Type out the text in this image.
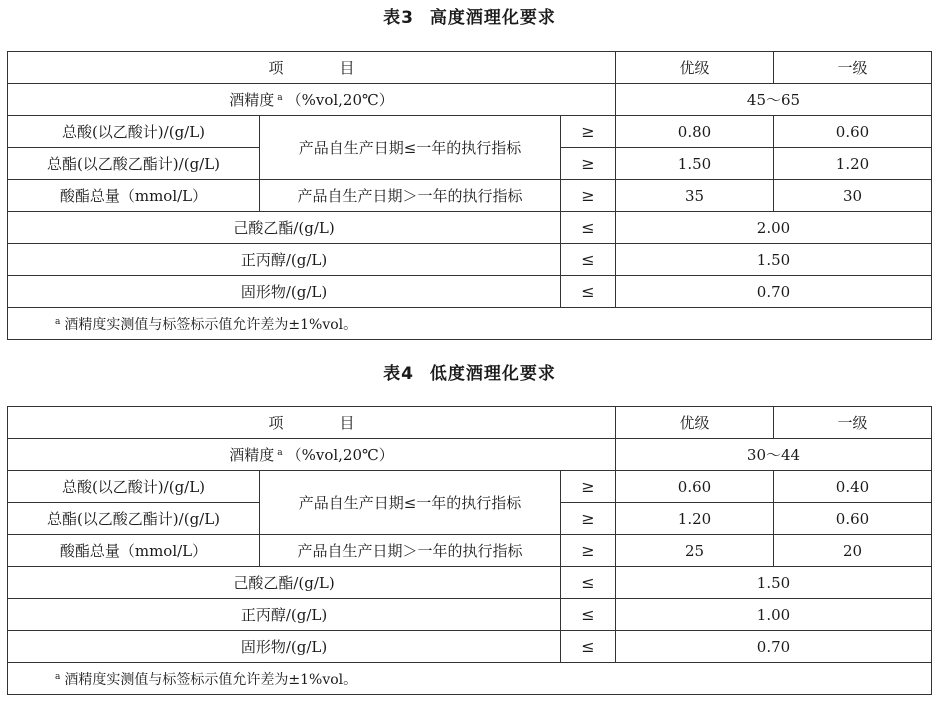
表3 高度酒理化要求
项 目			优级	一级
酒精度 $^a$ （%vol,20℃）			45～65	
总酸(以乙酸计)/(g/L)	产品自生产日期≤一年的执行指标	≥	0.80	0.60
总酯(以乙酸乙酯计)/(g/L)		≥	1.50	1.20
酸酯总量（mmol/L）	产品自生产日期＞一年的执行指标	≥	35	30
己酸乙酯/(g/L)		≤	2.00	
正丙醇/(g/L)		≤	1.50	
固形物/(g/L)		≤	0.70	
$^a$ 酒精度实测值与标签标示值允许差为±1%vol。				
表4 低度酒理化要求
项 目			优级	一级
酒精度 $^a$ （%vol,20℃）			30～44	
总酸(以乙酸计)/(g/L)	产品自生产日期≤一年的执行指标	≥	0.60	0.40
总酯(以乙酸乙酯计)/(g/L)		≥	1.20	0.60
酸酯总量（mmol/L）	产品自生产日期＞一年的执行指标	≥	25	20
己酸乙酯/(g/L)		≤	1.50	
正丙醇/(g/L)		≤	1.00	
固形物/(g/L)		≤	0.70	
$^a$ 酒精度实测值与标签标示值允许差为±1%vol。				
